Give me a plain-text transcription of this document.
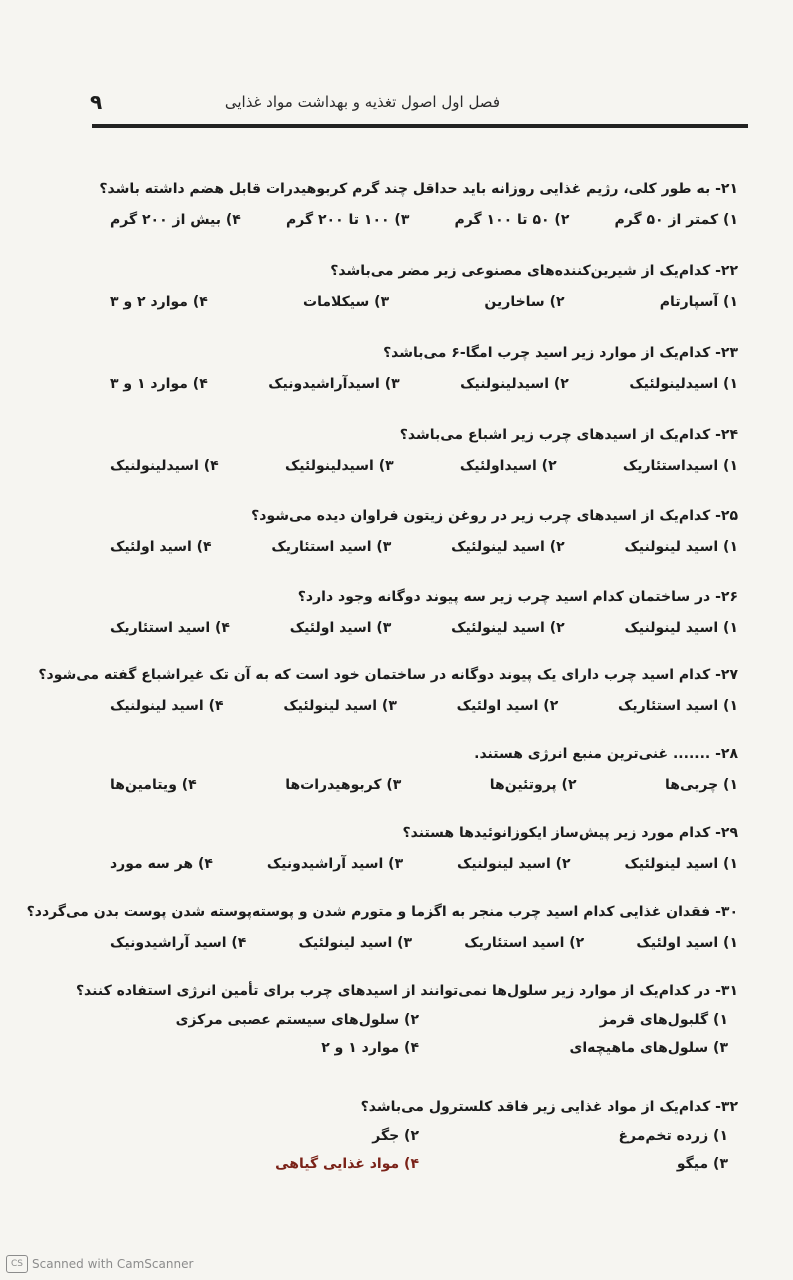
فصل اول اصول تغذیه و بهداشت مواد غذایی
۹
۲۱- به طور کلی، رژیم غذایی روزانه باید حداقل چند گرم کربوهیدرات قابل هضم داشته باشد؟
۱) کمتر از ۵۰ گرم
۲) ۵۰ تا ۱۰۰ گرم
۳) ۱۰۰ تا ۲۰۰ گرم
۴) بیش از ۲۰۰ گرم
۲۲- کدام‌یک از شیرین‌کننده‌های مصنوعی زیر مضر می‌باشد؟
۱) آسپارتام
۲) ساخارین
۳) سیکلامات
۴) موارد ۲ و ۳
۲۳- کدام‌یک از موارد زیر اسید چرب امگا-۶ می‌باشد؟
۱) اسیدلینولئیک
۲) اسیدلینولنیک
۳) اسیدآراشیدونیک
۴) موارد ۱ و ۳
۲۴- کدام‌یک از اسیدهای چرب زیر اشباع می‌باشد؟
۱) اسیداستئاریک
۲) اسیداولئیک
۳) اسیدلینولئیک
۴) اسیدلینولنیک
۲۵- کدام‌یک از اسیدهای چرب زیر در روغن زیتون فراوان دیده می‌شود؟
۱) اسید لینولنیک
۲) اسید لینولئیک
۳) اسید استئاریک
۴) اسید اولئیک
۲۶- در ساختمان کدام اسید چرب زیر سه پیوند دوگانه وجود دارد؟
۱) اسید لینولنیک
۲) اسید لینولئیک
۳) اسید اولئیک
۴) اسید استئاریک
۲۷- کدام اسید چرب دارای یک پیوند دوگانه در ساختمان خود است که به آن تک غیراشباع گفته می‌شود؟
۱) اسید استئاریک
۲) اسید اولئیک
۳) اسید لینولئیک
۴) اسید لینولنیک
۲۸- ....... غنی‌ترین منبع انرژی هستند.
۱) چربی‌ها
۲) پروتئین‌ها
۳) کربوهیدرات‌ها
۴) ویتامین‌ها
۲۹- کدام مورد زیر پیش‌ساز ایکوزانوئیدها هستند؟
۱) اسید لینولئیک
۲) اسید لینولنیک
۳) اسید آراشیدونیک
۴) هر سه مورد
۳۰- فقدان غذایی کدام اسید چرب منجر به اگزما و متورم شدن و پوسته‌پوسته شدن پوست بدن می‌گردد؟
۱) اسید اولئیک
۲) اسید استئاریک
۳) اسید لینولئیک
۴) اسید آراشیدونیک
۳۱- در کدام‌یک از موارد زیر سلول‌ها نمی‌توانند از اسیدهای چرب برای تأمین انرژی استفاده کنند؟
۱) گلبول‌های قرمز
۲) سلول‌های سیستم عصبی مرکزی
۳) سلول‌های ماهیچه‌ای
۴) موارد ۱ و ۲
۳۲- کدام‌یک از مواد غذایی زیر فاقد کلسترول می‌باشد؟
۱) زرده تخم‌مرغ
۲) جگر
۳) میگو
۴) مواد غذایی گیاهی
CS Scanned with CamScanner
